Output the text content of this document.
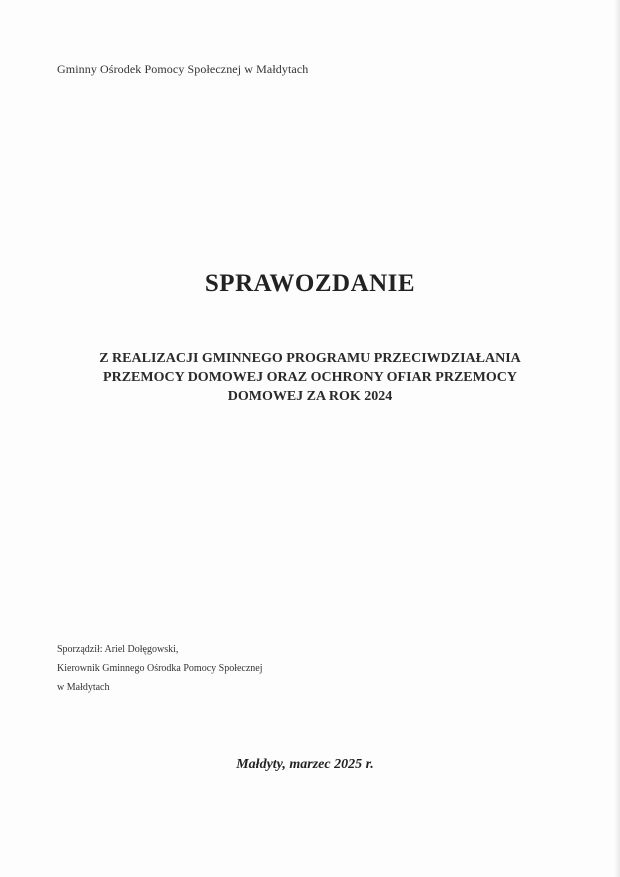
Gminny Ośrodek Pomocy Społecznej w Małdytach
SPRAWOZDANIE
Z REALIZACJI GMINNEGO PROGRAMU PRZECIWDZIAŁANIA
PRZEMOCY DOMOWEJ ORAZ OCHRONY OFIAR PRZEMOCY
DOMOWEJ ZA ROK 2024
Sporządził: Ariel Dołęgowski,
Kierownik Gminnego Ośrodka Pomocy Społecznej
w Małdytach
Małdyty, marzec 2025 r.
